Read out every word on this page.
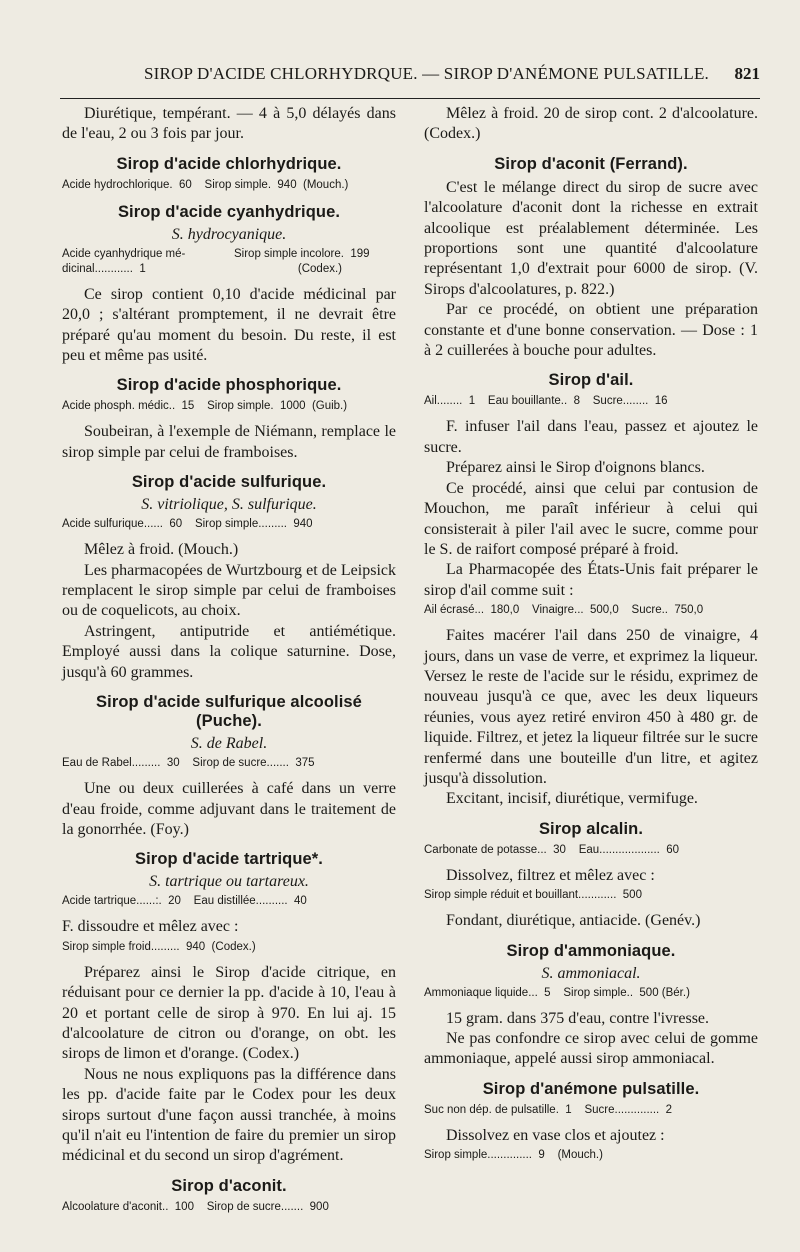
SIROP D'ACIDE CHLORHYDRQUE. — SIROP D'ANÉMONE PULSATILLE. 821

Diurétique, tempérant. — 4 à 5,0 délayés dans de l'eau, 2 ou 3 fois par jour.

Sirop d'acide chlorhydrique.
Acide hydrochlorique.  60    Sirop simple.  940  (Mouch.)
Sirop d'acide cyanhydrique.
S. hydrocyanique.
Acide cyanhydrique mé-
dicinal............  1
Sirop simple incolore.  199
(Codex.)

Ce sirop contient 0,10 d'acide médicinal par 20,0 ; s'altérant promptement, il ne devrait être préparé qu'au moment du besoin. Du reste, il est peu et même pas usité.

Sirop d'acide phosphorique.
Acide phosph. médic..  15    Sirop simple.  1000  (Guib.)

Soubeiran, à l'exemple de Niémann, remplace le sirop simple par celui de framboises.

Sirop d'acide sulfurique.
S. vitriolique, S. sulfurique.
Acide sulfurique......  60    Sirop simple.........  940

Mêlez à froid. (Mouch.)

Les pharmacopées de Wurtzbourg et de Leipsick remplacent le sirop simple par celui de framboises ou de coquelicots, au choix.

Astringent, antiputride et antiémétique. Employé aussi dans la colique saturnine. Dose, jusqu'à 60 grammes.

Sirop d'acide sulfurique alcoolisé (Puche).
S. de Rabel.
Eau de Rabel.........  30    Sirop de sucre.......  375

Une ou deux cuillerées à café dans un verre d'eau froide, comme adjuvant dans le traitement de la gonorrhée. (Foy.)

Sirop d'acide tartrique*.
S. tartrique ou tartareux.
Acide tartrique......:.  20    Eau distillée..........  40

F. dissoudre et mêlez avec :

Sirop simple froid.........  940  (Codex.)

Préparez ainsi le Sirop d'acide citrique, en réduisant pour ce dernier la pp. d'acide à 10, l'eau à 20 et portant celle de sirop à 970. En lui aj. 15 d'alcoolature de citron ou d'orange, on obt. les sirops de limon et d'orange. (Codex.)

Nous ne nous expliquons pas la différence dans les pp. d'acide faite par le Codex pour les deux sirops surtout d'une façon aussi tranchée, à moins qu'il n'ait eu l'intention de faire du premier un sirop médicinal et du second un sirop d'agrément.

Sirop d'aconit.
Alcoolature d'aconit..  100    Sirop de sucre.......  900

Mêlez à froid. 20 de sirop cont. 2 d'alcoolature. (Codex.)

Sirop d'aconit (Ferrand).

C'est le mélange direct du sirop de sucre avec l'alcoolature d'aconit dont la richesse en extrait alcoolique est préalablement déterminée. Les proportions sont une quantité d'alcoolature représentant 1,0 d'extrait pour 6000 de sirop. (V. Sirops d'alcoolatures, p. 822.)

Par ce procédé, on obtient une préparation constante et d'une bonne conservation. — Dose : 1 à 2 cuillerées à bouche pour adultes.

Sirop d'ail.
Ail........  1    Eau bouillante..  8    Sucre........  16

F. infuser l'ail dans l'eau, passez et ajoutez le sucre.

Préparez ainsi le Sirop d'oignons blancs.

Ce procédé, ainsi que celui par contusion de Mouchon, me paraît inférieur à celui qui consisterait à piler l'ail avec le sucre, comme pour le S. de raifort composé préparé à froid.

La Pharmacopée des États-Unis fait préparer le sirop d'ail comme suit :

Ail écrasé...  180,0    Vinaigre...  500,0    Sucre..  750,0

Faites macérer l'ail dans 250 de vinaigre, 4 jours, dans un vase de verre, et exprimez la liqueur. Versez le reste de l'acide sur le résidu, exprimez de nouveau jusqu'à ce que, avec les deux liqueurs réunies, vous ayez retiré environ 450 à 480 gr. de liquide. Filtrez, et jetez la liqueur filtrée sur le sucre renfermé dans une bouteille d'un litre, et agitez jusqu'à dissolution.

Excitant, incisif, diurétique, vermifuge.

Sirop alcalin.
Carbonate de potasse...  30    Eau...................  60

Dissolvez, filtrez et mêlez avec :

Sirop simple réduit et bouillant............  500

Fondant, diurétique, antiacide. (Genév.)

Sirop d'ammoniaque.
S. ammoniacal.
Ammoniaque liquide...  5    Sirop simple..  500 (Bér.)

15 gram. dans 375 d'eau, contre l'ivresse.

Ne pas confondre ce sirop avec celui de gomme ammoniaque, appelé aussi sirop ammoniacal.

Sirop d'anémone pulsatille.
Suc non dép. de pulsatille.  1    Sucre..............  2

Dissolvez en vase clos et ajoutez :

Sirop simple..............  9    (Mouch.)
